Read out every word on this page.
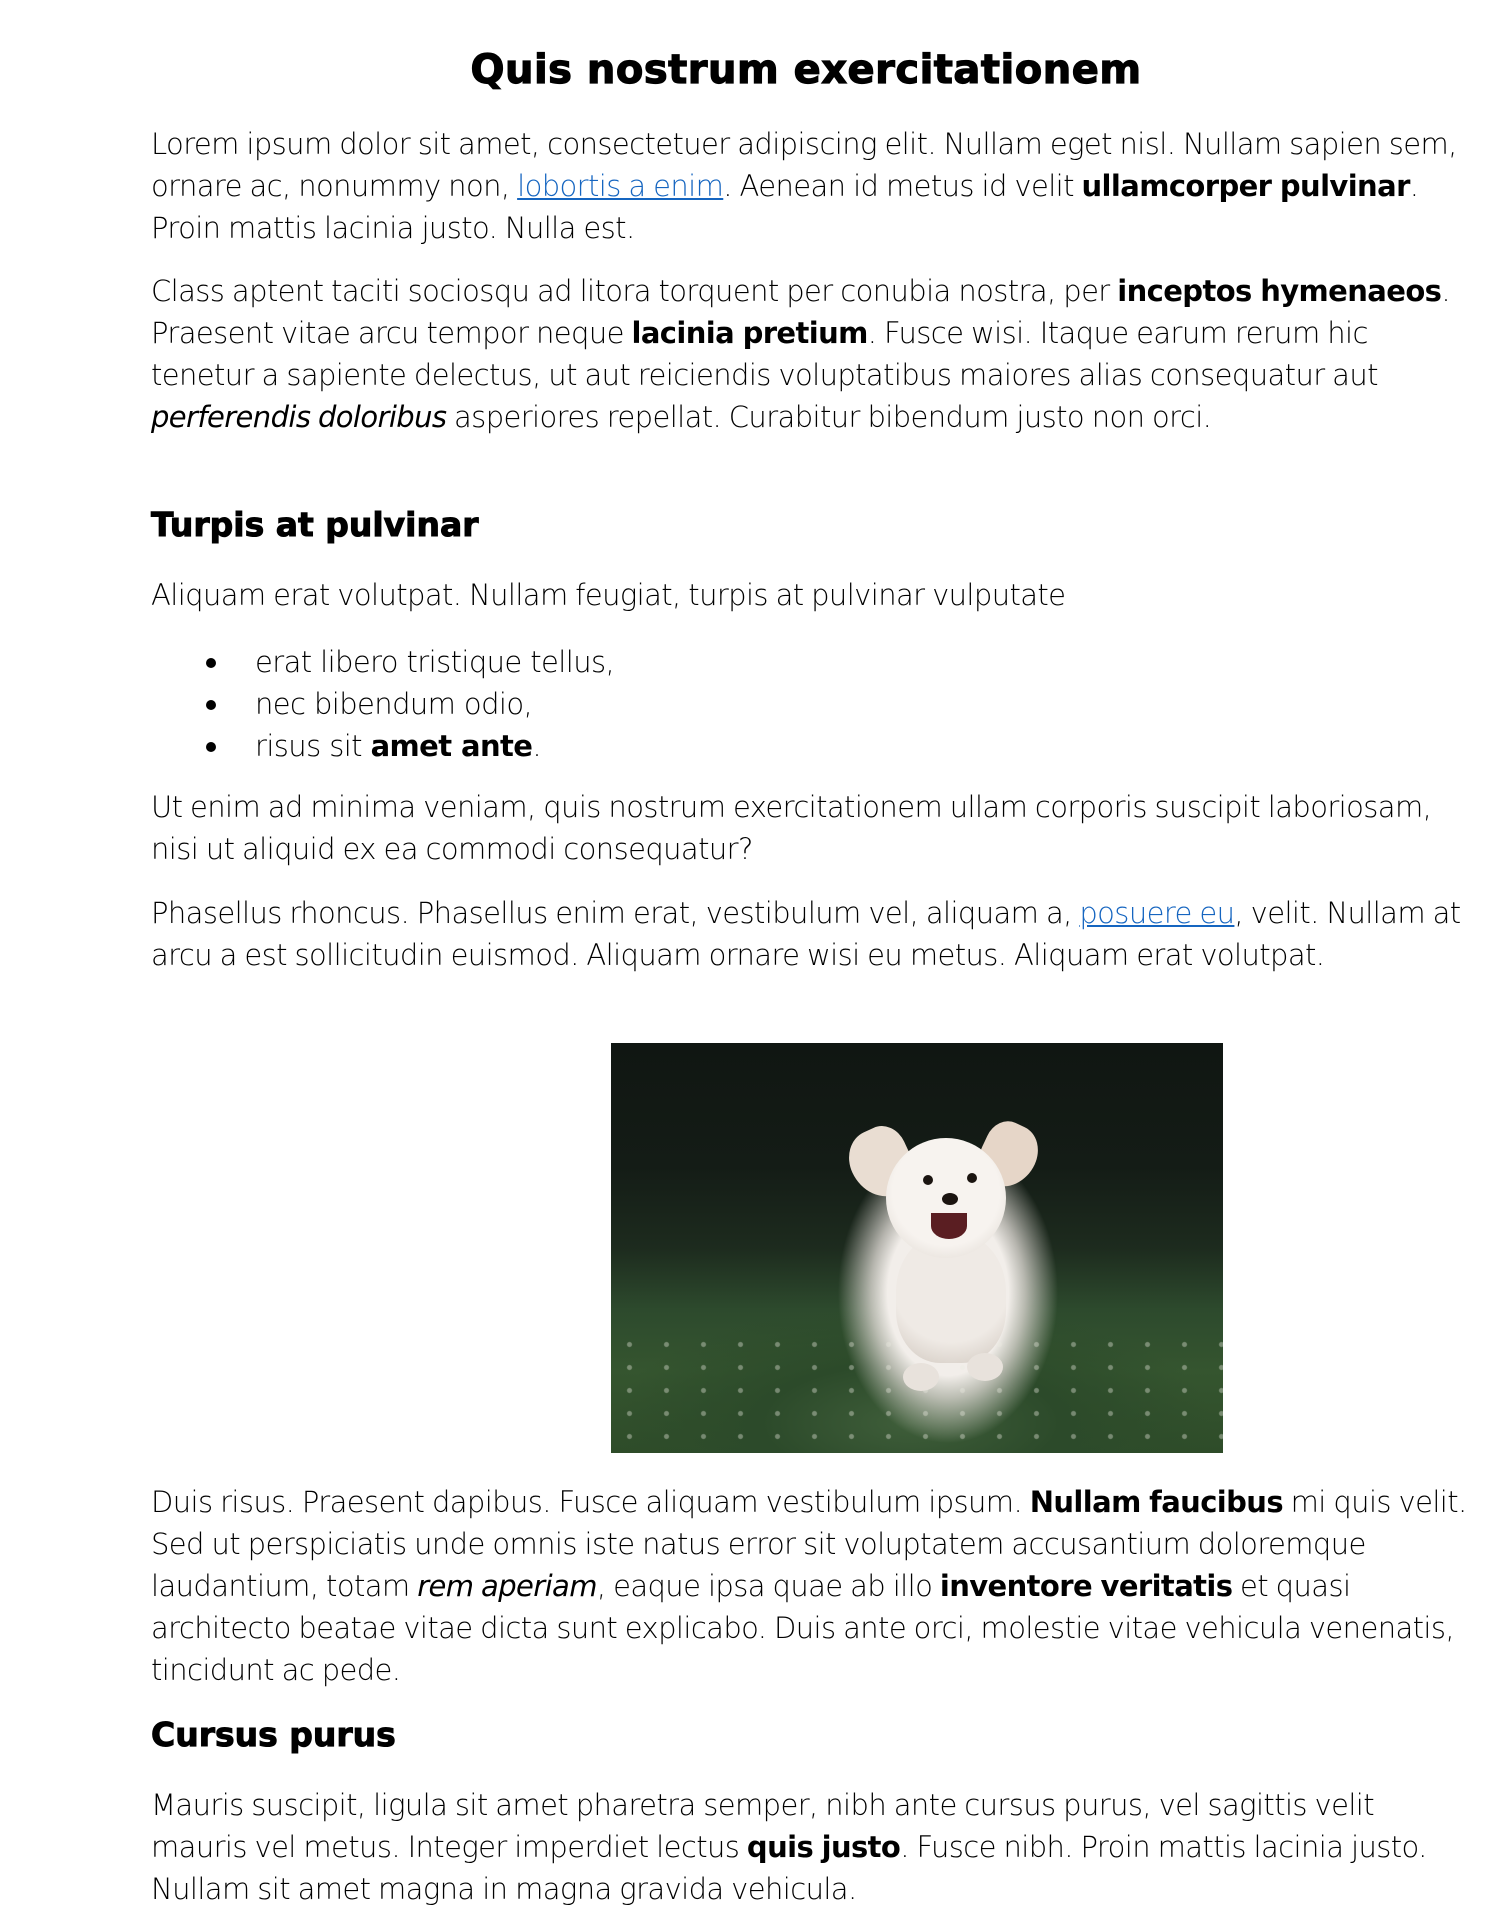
Quis nostrum exercitationem

Lorem ipsum dolor sit amet, consectetuer adipiscing elit. Nullam eget nisl. Nullam sapien sem, ornare ac, nonummy non, lobortis a enim. Aenean id metus id velit ullamcorper pulvinar. Proin mattis lacinia justo. Nulla est.

Class aptent taciti sociosqu ad litora torquent per conubia nostra, per inceptos hymenaeos. Praesent vitae arcu tempor neque lacinia pretium. Fusce wisi. Itaque earum rerum hic tenetur a sapiente delectus, ut aut reiciendis voluptatibus maiores alias consequatur aut perferendis doloribus asperiores repellat. Curabitur bibendum justo non orci.

Turpis at pulvinar

Aliquam erat volutpat. Nullam feugiat, turpis at pulvinar vulputate

erat libero tristique tellus,
nec bibendum odio,
risus sit amet ante.

Ut enim ad minima veniam, quis nostrum exercitationem ullam corporis suscipit laboriosam, nisi ut aliquid ex ea commodi consequatur?

Phasellus rhoncus. Phasellus enim erat, vestibulum vel, aliquam a, posuere eu, velit. Nullam at arcu a est sollicitudin euismod. Aliquam ornare wisi eu metus. Aliquam erat volutpat.

Duis risus. Praesent dapibus. Fusce aliquam vestibulum ipsum. Nullam faucibus mi quis velit. Sed ut perspiciatis unde omnis iste natus error sit voluptatem accusantium doloremque laudantium, totam rem aperiam, eaque ipsa quae ab illo inventore veritatis et quasi architecto beatae vitae dicta sunt explicabo. Duis ante orci, molestie vitae vehicula venenatis, tincidunt ac pede.

Cursus purus

Mauris suscipit, ligula sit amet pharetra semper, nibh ante cursus purus, vel sagittis velit mauris vel metus. Integer imperdiet lectus quis justo. Fusce nibh. Proin mattis lacinia justo. Nullam sit amet magna in magna gravida vehicula.
